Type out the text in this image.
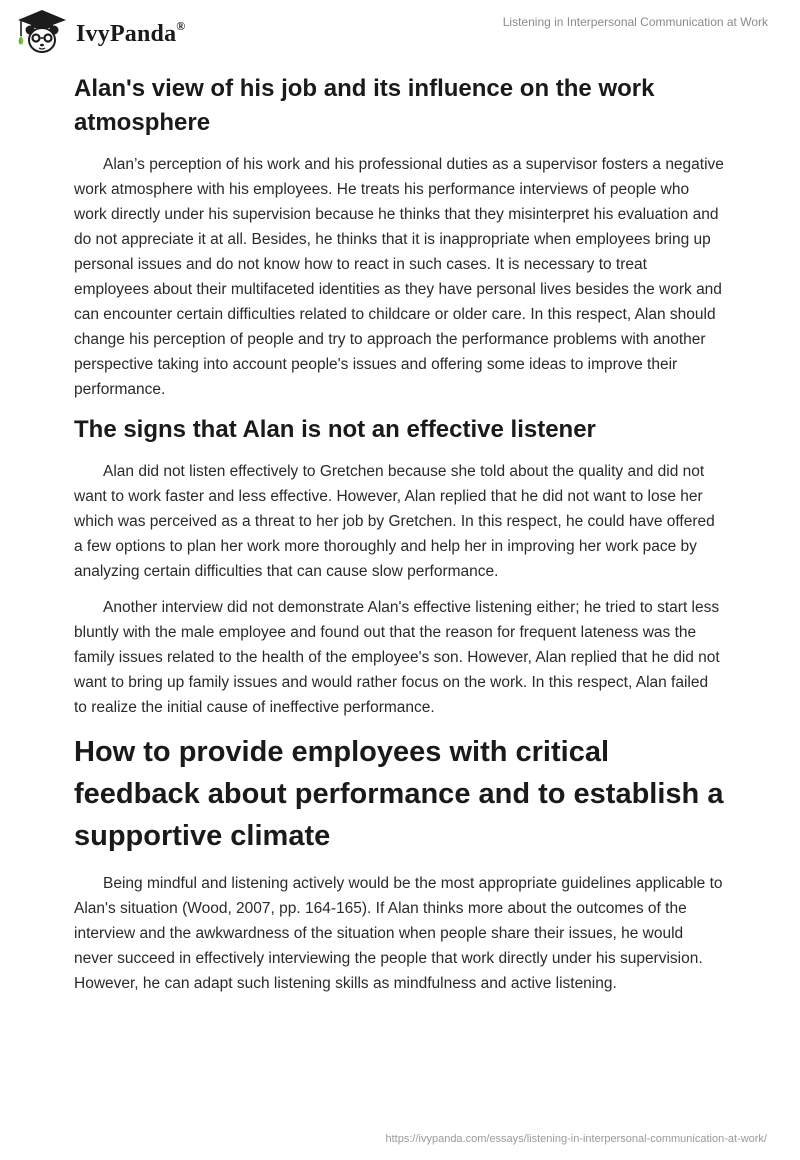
IvyPanda®	Listening in Interpersonal Communication at Work
Alan's view of his job and its influence on the work atmosphere

Alan’s perception of his work and his professional duties as a supervisor fosters a negative work atmosphere with his employees. He treats his performance interviews of people who work directly under his supervision because he thinks that they misinterpret his evaluation and do not appreciate it at all. Besides, he thinks that it is inappropriate when employees bring up personal issues and do not know how to react in such cases. It is necessary to treat employees about their multifaceted identities as they have personal lives besides the work and can encounter certain difficulties related to childcare or older care. In this respect, Alan should change his perception of people and try to approach the performance problems with another perspective taking into account people's issues and offering some ideas to improve their performance.

The signs that Alan is not an effective listener

Alan did not listen effectively to Gretchen because she told about the quality and did not want to work faster and less effective. However, Alan replied that he did not want to lose her which was perceived as a threat to her job by Gretchen. In this respect, he could have offered a few options to plan her work more thoroughly and help her in improving her work pace by analyzing certain difficulties that can cause slow performance.

Another interview did not demonstrate Alan's effective listening either; he tried to start less bluntly with the male employee and found out that the reason for frequent lateness was the family issues related to the health of the employee's son. However, Alan replied that he did not want to bring up family issues and would rather focus on the work. In this respect, Alan failed to realize the initial cause of ineffective performance.

How to provide employees with critical feedback about performance and to establish a supportive climate

Being mindful and listening actively would be the most appropriate guidelines applicable to Alan's situation (Wood, 2007, pp. 164-165). If Alan thinks more about the outcomes of the interview and the awkwardness of the situation when people share their issues, he would never succeed in effectively interviewing the people that work directly under his supervision. However, he can adapt such listening skills as mindfulness and active listening.

https://ivypanda.com/essays/listening-in-interpersonal-communication-at-work/
